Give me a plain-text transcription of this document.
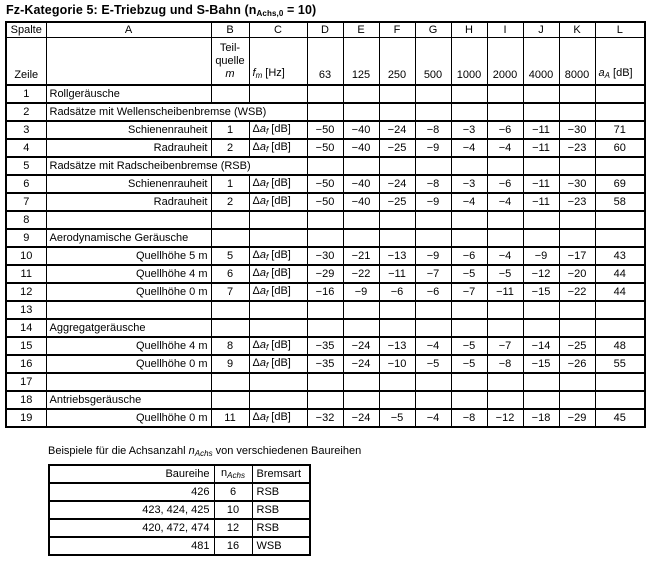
Fz-Kategorie 5: E-Triebzug und S-Bahn (nAchs,0 = 10)
Spalte	A	B	C	D	E	F	G	H	I	J	K	L
Zeile		Teil-
quelle
m	fm [Hz]	63	125	250	500	1000	2000	4000	8000	aA [dB]
1	Rollgeräusche											
2	Radsätze mit Wellenscheibenbremse (WSB)											
3	Schienenrauheit	1	Δaf [dB]	−50	−40	−24	−8	−3	−6	−11	−30	71
4	Radrauheit	2	Δaf [dB]	−50	−40	−25	−9	−4	−4	−11	−23	60
5	Radsätze mit Radscheibenbremse (RSB)											
6	Schienenrauheit	1	Δaf [dB]	−50	−40	−24	−8	−3	−6	−11	−30	69
7	Radrauheit	2	Δaf [dB]	−50	−40	−25	−9	−4	−4	−11	−23	58
8												
9	Aerodynamische Geräusche											
10	Quellhöhe 5 m	5	Δaf [dB]	−30	−21	−13	−9	−6	−4	−9	−17	43
11	Quellhöhe 4 m	6	Δaf [dB]	−29	−22	−11	−7	−5	−5	−12	−20	44
12	Quellhöhe 0 m	7	Δaf [dB]	−16	−9	−6	−6	−7	−11	−15	−22	44
13												
14	Aggregatgeräusche											
15	Quellhöhe 4 m	8	Δaf [dB]	−35	−24	−13	−4	−5	−7	−14	−25	48
16	Quellhöhe 0 m	9	Δaf [dB]	−35	−24	−10	−5	−5	−8	−15	−26	55
17												
18	Antriebsgeräusche											
19	Quellhöhe 0 m	11	Δaf [dB]	−32	−24	−5	−4	−8	−12	−18	−29	45
Beispiele für die Achsanzahl nAchs von verschiedenen Baureihen
Baureihe	nAchs	Bremsart
426	6	RSB
423, 424, 425	10	RSB
420, 472, 474	12	RSB
481	16	WSB
